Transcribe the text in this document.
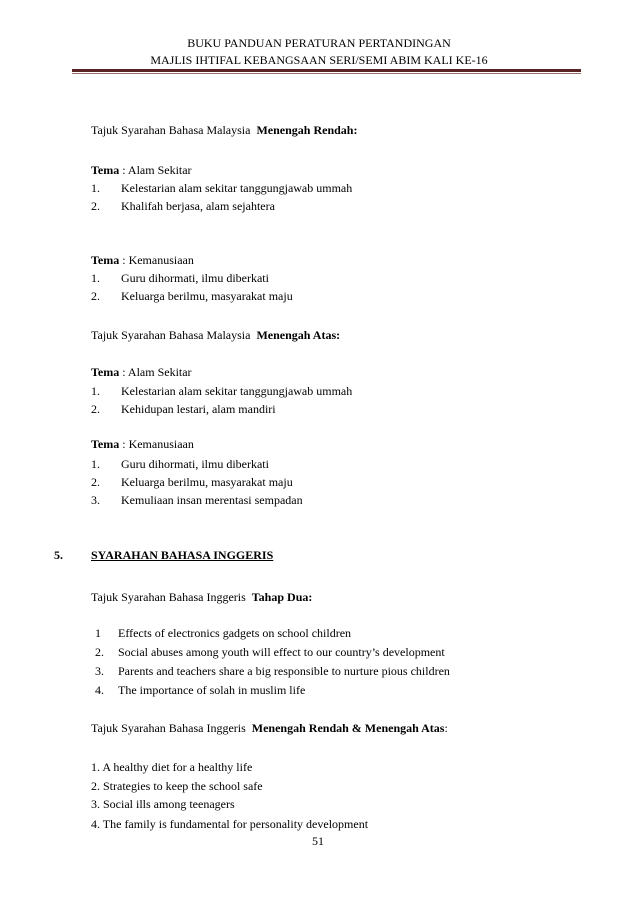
BUKU PANDUAN PERATURAN PERTANDINGAN
MAJLIS IHTIFAL KEBANGSAAN SERI/SEMI ABIM KALI KE-16
Tajuk Syarahan Bahasa Malaysia Menengah Rendah:
Tema : Alam Sekitar
1. Kelestarian alam sekitar tanggungjawab ummah
2. Khalifah berjasa, alam sejahtera
Tema : Kemanusiaan
1. Guru dihormati, ilmu diberkati
2. Keluarga berilmu, masyarakat maju
Tajuk Syarahan Bahasa Malaysia Menengah Atas:
Tema : Alam Sekitar
1. Kelestarian alam sekitar tanggungjawab ummah
2. Kehidupan lestari, alam mandiri
Tema : Kemanusiaan
1. Guru dihormati, ilmu diberkati
2. Keluarga berilmu, masyarakat maju
3. Kemuliaan insan merentasi sempadan
5. SYARAHAN BAHASA INGGERIS
Tajuk Syarahan Bahasa Inggeris Tahap Dua:
1 Effects of electronics gadgets on school children
2. Social abuses among youth will effect to our country’s development
3. Parents and teachers share a big responsible to nurture pious children
4. The importance of solah in muslim life
Tajuk Syarahan Bahasa Inggeris Menengah Rendah & Menengah Atas:
1. A healthy diet for a healthy life
2. Strategies to keep the school safe
3. Social ills among teenagers
4. The family is fundamental for personality development
51
